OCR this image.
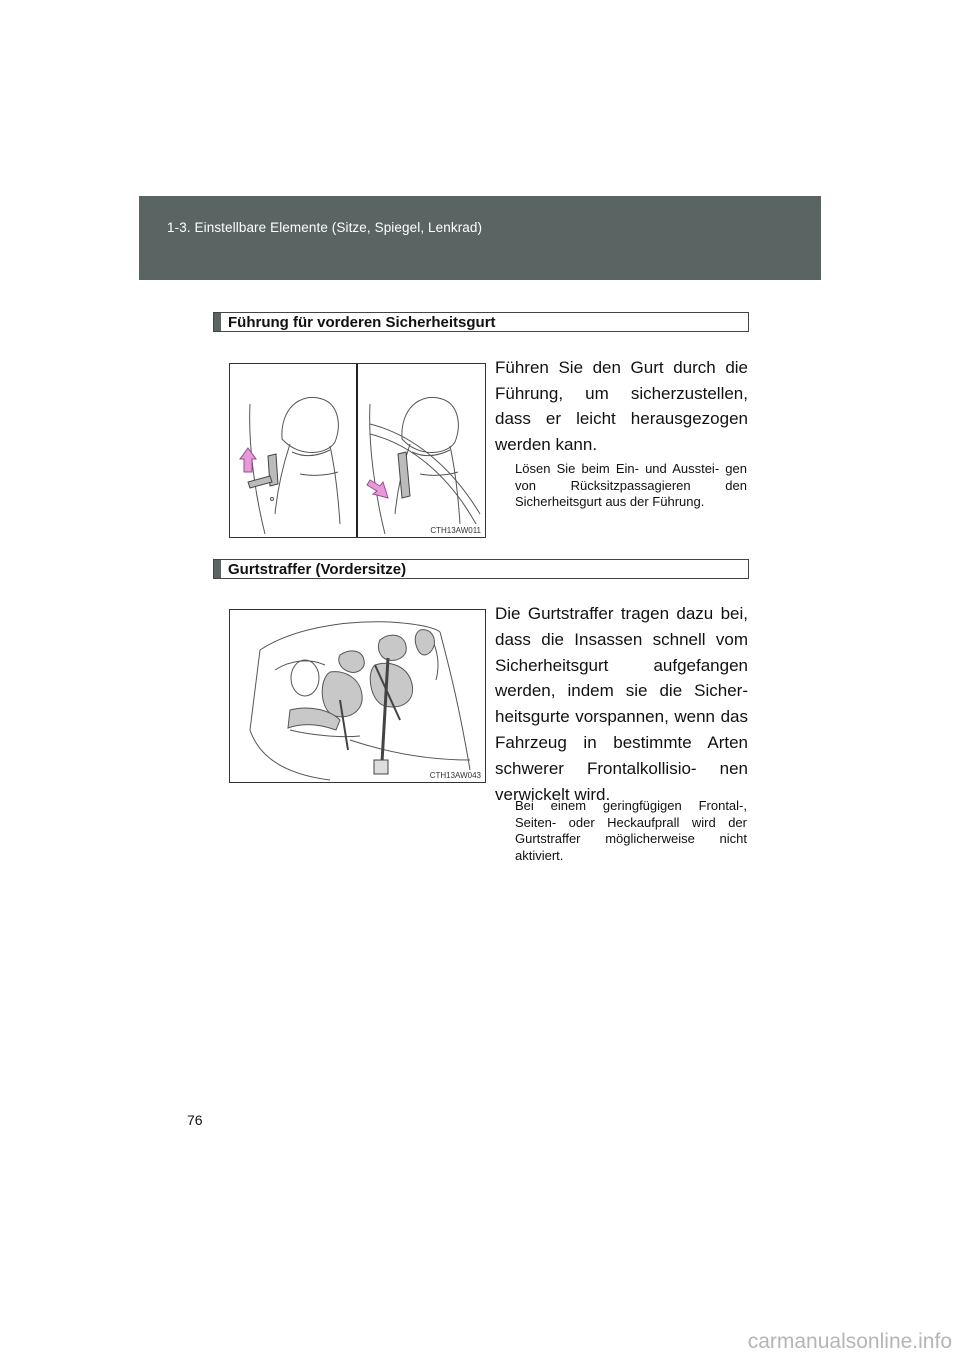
1-3. Einstellbare Elemente (Sitze, Spiegel, Lenkrad)
Führung für vorderen Sicherheitsgurt
CTH13AW011
Führen Sie den Gurt durch die Führung, um sicherzustellen, dass er leicht herausgezogen werden kann.
Lösen Sie beim Ein- und Ausstei- gen von Rücksitzpassagieren den Sicherheitsgurt aus der Führung.
Gurtstraffer (Vordersitze)
CTH13AW043
Die Gurtstraffer tragen dazu bei, dass die Insassen schnell vom Sicherheitsgurt aufgefangen werden, indem sie die Sicher- heitsgurte vorspannen, wenn das Fahrzeug in bestimmte Arten schwerer Frontalkollisio- nen verwickelt wird.
Bei einem geringfügigen Frontal-, Seiten- oder Heckaufprall wird der Gurtstraffer möglicherweise nicht aktiviert.
76
carmanualsonline.info
